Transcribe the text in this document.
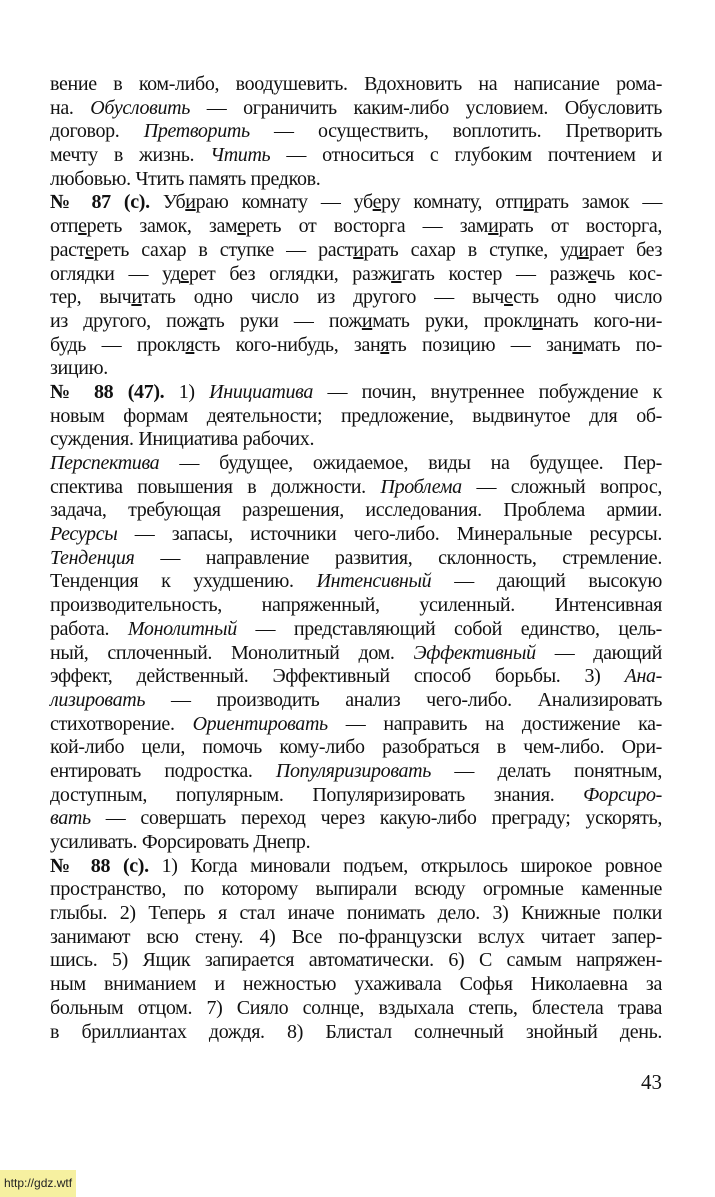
вение в ком-либо, воодушевить. Вдохновить на написание рома-
на. Обусловить — ограничить каким-либо условием. Обусловить
договор. Претворить — осуществить, воплотить. Претворить
мечту в жизнь. Чтить — относиться с глубоким почтением и
любовью. Чтить память предков.
№ 87 (с). Убираю комнату — уберу комнату, отпирать замок —
отпереть замок, замереть от восторга — замирать от восторга,
растереть сахар в ступке — растирать сахар в ступке, удирает без
оглядки — удерет без оглядки, разжигать костер — разжечь кос-
тер, вычитать одно число из другого — вычесть одно число
из другого, пожать руки — пожимать руки, проклинать кого-ни-
будь — проклясть кого-нибудь, занять позицию — занимать по-
зицию.
№ 88 (47). 1) Инициатива — почин, внутреннее побуждение к
новым формам деятельности; предложение, выдвинутое для об-
суждения. Инициатива рабочих.
Перспектива — будущее, ожидаемое, виды на будущее. Пер-
спектива повышения в должности. Проблема — сложный вопрос,
задача, требующая разрешения, исследования. Проблема армии.
Ресурсы — запасы, источники чего-либо. Минеральные ресурсы.
Тенденция — направление развития, склонность, стремление.
Тенденция к ухудшению. Интенсивный — дающий высокую
производительность, напряженный, усиленный. Интенсивная
работа. Монолитный — представляющий собой единство, цель-
ный, сплоченный. Монолитный дом. Эффективный — дающий
эффект, действенный. Эффективный способ борьбы. 3) Ана-
лизировать — производить анализ чего-либо. Анализировать
стихотворение. Ориентировать — направить на достижение ка-
кой-либо цели, помочь кому-либо разобраться в чем-либо. Ори-
ентировать подростка. Популяризировать — делать понятным,
доступным, популярным. Популяризировать знания. Форсиро-
вать — совершать переход через какую-либо преграду; ускорять,
усиливать. Форсировать Днепр.
№ 88 (с). 1) Когда миновали подъем, открылось широкое ровное
пространство, по которому выпирали всюду огромные каменные
глыбы. 2) Теперь я стал иначе понимать дело. 3) Книжные полки
занимают всю стену. 4) Все по-французски вслух читает запер-
шись. 5) Ящик запирается автоматически. 6) С самым напряжен-
ным вниманием и нежностью ухаживала Софья Николаевна за
больным отцом. 7) Сияло солнце, вздыхала степь, блестела трава
в бриллиантах дождя. 8) Блистал солнечный знойный день.
43
http://gdz.wtf
